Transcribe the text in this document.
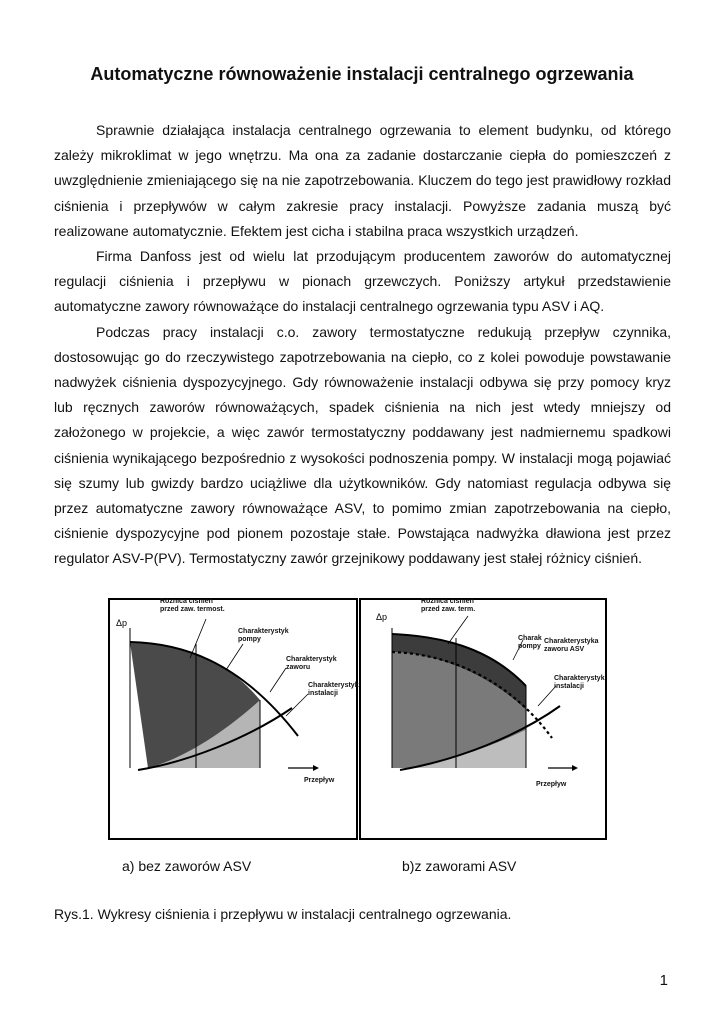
Automatyczne równoważenie instalacji centralnego ogrzewania

Sprawnie działająca instalacja centralnego ogrzewania to element budynku, od którego zależy mikroklimat w jego wnętrzu. Ma ona za zadanie dostarczanie ciepła do pomieszczeń z uwzględnienie zmieniającego się na nie zapotrzebowania. Kluczem do tego jest prawidłowy rozkład ciśnienia i przepływów w całym zakresie pracy instalacji. Powyższe zadania muszą być realizowane automatycznie. Efektem jest cicha i stabilna praca wszystkich urządzeń.

Firma Danfoss jest od wielu lat przodującym producentem zaworów do automatycznej regulacji ciśnienia i przepływu w pionach grzewczych. Poniższy artykuł przedstawienie automatyczne zawory równoważące do instalacji centralnego ogrzewania typu ASV i AQ.

Podczas pracy instalacji c.o. zawory termostatyczne redukują przepływ czynnika, dostosowując go do rzeczywistego zapotrzebowania na ciepło, co z kolei powoduje powstawanie nadwyżek ciśnienia dyspozycyjnego. Gdy równoważenie instalacji odbywa się przy pomocy kryz lub ręcznych zaworów równoważących, spadek ciśnienia na nich jest wtedy mniejszy od założonego w projekcie, a więc zawór termostatyczny poddawany jest nadmiernemu spadkowi ciśnienia wynikającego bezpośrednio z wysokości podnoszenia pompy. W instalacji mogą pojawiać się szumy lub gwizdy bardzo uciążliwe dla użytkowników. Gdy natomiast regulacja odbywa się przez automatyczne zawory równoważące ASV, to pomimo zmian zapotrzebowania na ciepło, ciśnienie dyspozycyjne pod pionem pozostaje stałe. Powstająca nadwyżka dławiona jest przez regulator ASV-P(PV). Termostatyczny zawór grzejnikowy poddawany jest stałej różnicy ciśnień.

Różnica ciśnień
przed zaw. termost.
Δp
Charakterystyk
pompy
Charakterystyk
zaworu
Charakterystyk
instalacji
Przepływ
Różnica ciśnień
przed zaw. term.
Δp
Charak
pompy
Charakterystyka
zaworu ASV
Charakterystyk
instalacji
Przepływ
a) bez zaworów ASV	b)z zaworami ASV
Rys.1. Wykresy ciśnienia i przepływu w instalacji centralnego ogrzewania.
1
